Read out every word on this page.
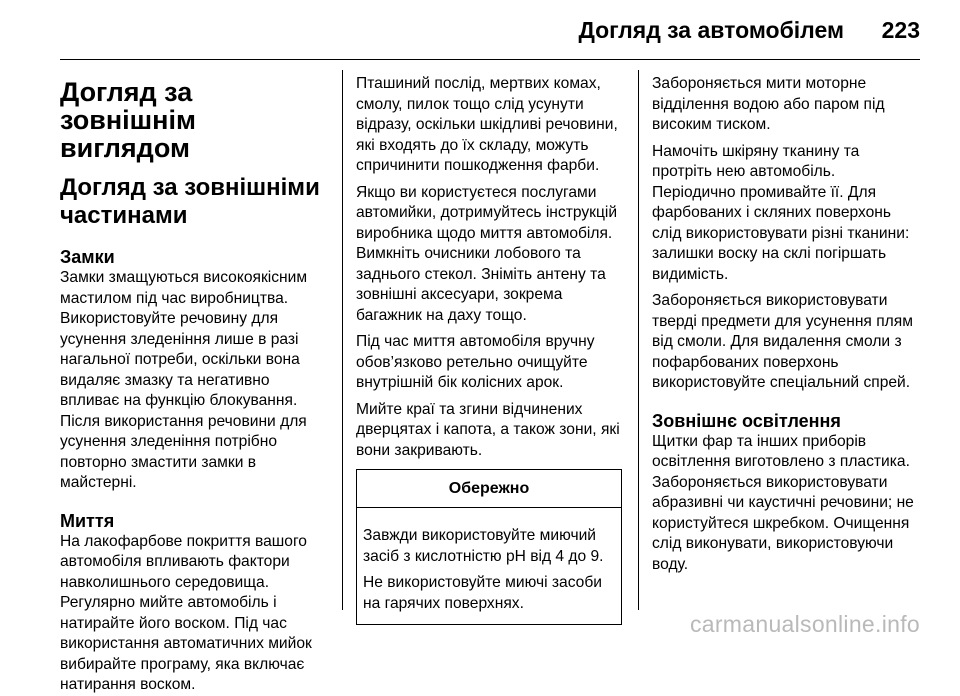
Догляд за автомобілем 223
Догляд за зовнішнім виглядом
Догляд за зовнішніми частинами
Замки

Замки змащуються високоякісним мастилом під час виробництва. Використовуйте речовину для усунення зледеніння лише в разі нагальної потреби, оскільки вона видаляє змазку та негативно впливає на функцію блокування. Після використання речовини для усунення зледеніння потрібно повторно змастити замки в майстерні.

Миття

На лакофарбове покриття вашого автомобіля впливають фактори навколишнього середовища. Регулярно мийте автомобіль і натирайте його воском. Під час використання автоматичних мийок вибирайте програму, яка включає натирання воском.

Пташиний послід, мертвих комах, смолу, пилок тощо слід усунути відразу, оскільки шкідливі речовини, які входять до їх складу, можуть спричинити пошкодження фарби.

Якщо ви користуєтеся послугами автомийки, дотримуйтесь інструкцій виробника щодо миття автомобіля. Вимкніть очисники лобового та заднього стекол. Зніміть антену та зовнішні аксесуари, зокрема багажник на даху тощо.

Під час миття автомобіля вручну обов’язково ретельно очищуйте внутрішній бік колісних арок.

Мийте краї та згини відчинених дверцятах і капота, а також зони, які вони закривають.

Обережно

Завжди використовуйте миючий засіб з кислотністю pH від 4 до 9.

Не використовуйте миючі засоби на гарячих поверхнях.

Забороняється мити моторне відділення водою або паром під високим тиском.

Намочіть шкіряну тканину та протріть нею автомобіль. Періодично промивайте її. Для фарбованих і скляних поверхонь слід використовувати різні тканини: залишки воску на склі погіршать видимість.

Забороняється використовувати тверді предмети для усунення плям від смоли. Для видалення смоли з пофарбованих поверхонь використовуйте спеціальний спрей.

Зовнішнє освітлення

Щитки фар та інших приборів освітлення виготовлено з пластика. Забороняється використовувати абразивні чи каустичні речовини; не користуйтеся шкребком. Очищення слід виконувати, використовуючи воду.

carmanualsonline.info
